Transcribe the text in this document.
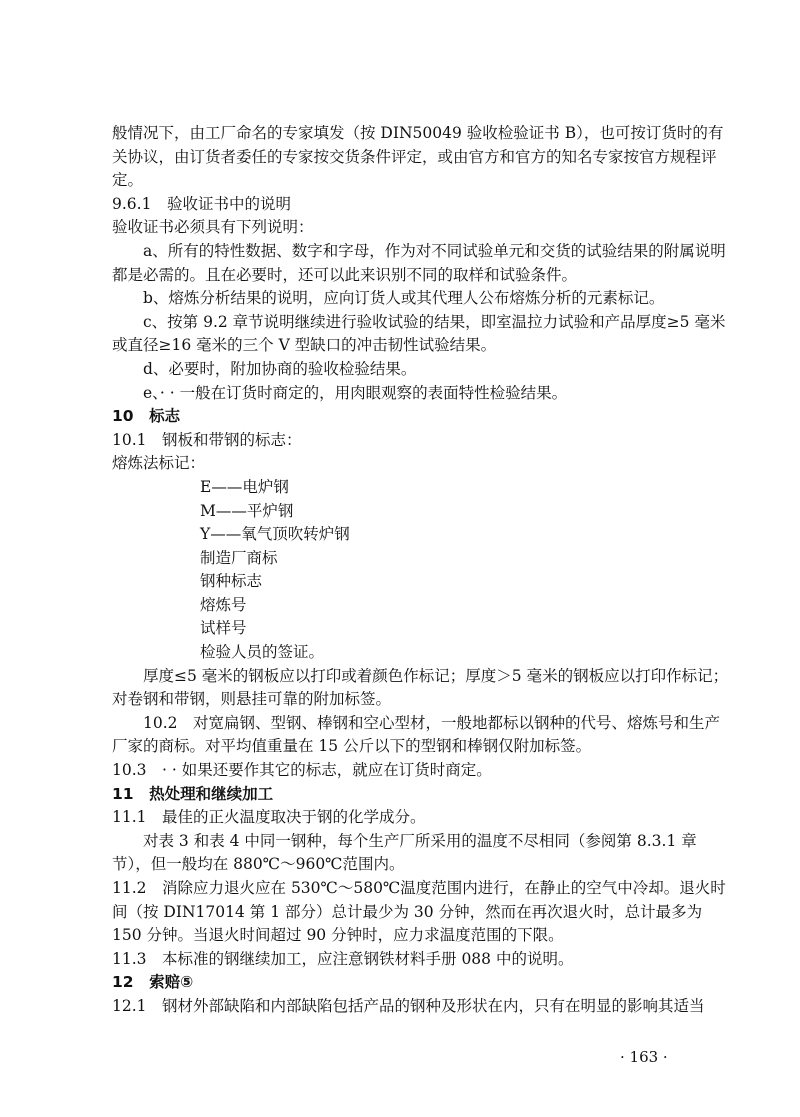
般情况下，由工厂命名的专家填发（按 DIN50049 验收检验证书 B），也可按订货时的有关协议，由订货者委任的专家按交货条件评定，或由官方和官方的知名专家按官方规程评定。

9.6.1　验收证书中的说明

验收证书必须具有下列说明：

a、所有的特性数据、数字和字母，作为对不同试验单元和交货的试验结果的附属说明都是必需的。且在必要时，还可以此来识别不同的取样和试验条件。

b、熔炼分析结果的说明，应向订货人或其代理人公布熔炼分析的元素标记。

c、按第 9.2 章节说明继续进行验收试验的结果，即室温拉力试验和产品厚度≥5 毫米或直径≥16 毫米的三个 V 型缺口的冲击韧性试验结果。

d、必要时，附加协商的验收检验结果。

e、· · 一般在订货时商定的，用肉眼观察的表面特性检验结果。

10　标志

10.1　钢板和带钢的标志：

熔炼法标记：

E——电炉钢
M——平炉钢
Y——氧气顶吹转炉钢
制造厂商标
钢种标志
熔炼号
试样号
检验人员的签证。

厚度≤5 毫米的钢板应以打印或着颜色作标记；厚度＞5 毫米的钢板应以打印作标记；对卷钢和带钢，则悬挂可靠的附加标签。

10.2　对宽扁钢、型钢、棒钢和空心型材，一般地都标以钢种的代号、熔炼号和生产厂家的商标。对平均值重量在 15 公斤以下的型钢和棒钢仅附加标签。

10.3　· · 如果还要作其它的标志，就应在订货时商定。

11　热处理和继续加工

11.1　最佳的正火温度取决于钢的化学成分。

对表 3 和表 4 中同一钢种，每个生产厂所采用的温度不尽相同（参阅第 8.3.1 章节），但一般均在 880℃～960℃范围内。

11.2　消除应力退火应在 530℃～580℃温度范围内进行，在静止的空气中冷却。退火时间（按 DIN17014 第 1 部分）总计最少为 30 分钟，然而在再次退火时，总计最多为 150 分钟。当退火时间超过 90 分钟时，应力求温度范围的下限。

11.3　本标准的钢继续加工，应注意钢铁材料手册 088 中的说明。

12　索赔⑤

12.1　钢材外部缺陷和内部缺陷包括产品的钢种及形状在内，只有在明显的影响其适当

· 163 ·
